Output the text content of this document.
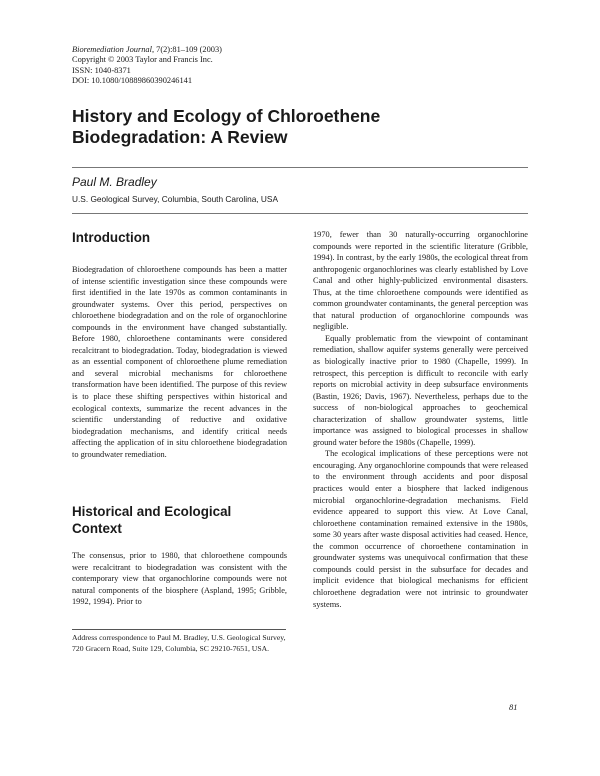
Bioremediation Journal, 7(2):81–109 (2003)
Copyright © 2003 Taylor and Francis Inc.
ISSN: 1040-8371
DOI: 10.1080/10889860390246141
History and Ecology of Chloroethene
Biodegradation: A Review
Paul M. Bradley
U.S. Geological Survey, Columbia, South Carolina, USA
Introduction

Biodegradation of chloroethene compounds has been a matter of intense scientific investigation since these compounds were first identified in the late 1970s as common contaminants in groundwater systems. Over this period, perspectives on chloroethene biodegradation and on the role of organochlorine compounds in the environment have changed substantially. Before 1980, chloroethene contaminants were considered recalcitrant to biodegradation. Today, biodegradation is viewed as an essential component of chloroethene plume remediation and several microbial mechanisms for chloroethene transformation have been identified. The purpose of this review is to place these shifting perspectives within historical and ecological contexts, summarize the recent advances in the scientific understanding of reductive and oxidative biodegradation mechanisms, and identify critical needs affecting the application of in situ chloroethene biodegradation to groundwater remediation.

Historical and Ecological
Context

The consensus, prior to 1980, that chloroethene compounds were recalcitrant to biodegradation was consistent with the contemporary view that organochlorine compounds were not natural components of the biosphere (Aspland, 1995; Gribble, 1992, 1994). Prior to

Address correspondence to Paul M. Bradley, U.S. Geological Survey, 720 Gracern Road, Suite 129, Columbia, SC 29210-7651, USA.

1970, fewer than 30 naturally-occurring organochlorine compounds were reported in the scientific literature (Gribble, 1994). In contrast, by the early 1980s, the ecological threat from anthropogenic organochlorines was clearly established by Love Canal and other highly-publicized environmental disasters. Thus, at the time chloroethene compounds were identified as common groundwater contaminants, the general perception was that natural production of organochlorine compounds was negligible.

Equally problematic from the viewpoint of contaminant remediation, shallow aquifer systems generally were perceived as biologically inactive prior to 1980 (Chapelle, 1999). In retrospect, this perception is difficult to reconcile with early reports on microbial activity in deep subsurface environments (Bastin, 1926; Davis, 1967). Nevertheless, perhaps due to the success of non-biological approaches to geochemical characterization of shallow groundwater systems, little importance was assigned to biological processes in shallow ground water before the 1980s (Chapelle, 1999).

The ecological implications of these perceptions were not encouraging. Any organochlorine compounds that were released to the environment through accidents and poor disposal practices would enter a biosphere that lacked indigenous microbial organochlorine-degradation mechanisms. Field evidence appeared to support this view. At Love Canal, chloroethene contamination remained extensive in the 1980s, some 30 years after waste disposal activities had ceased. Hence, the common occurrence of choroethene contamination in groundwater systems was unequivocal confirmation that these compounds could persist in the subsurface for decades and implicit evidence that biological mechanisms for efficient chloroethene degradation were not intrinsic to groundwater systems.

81
